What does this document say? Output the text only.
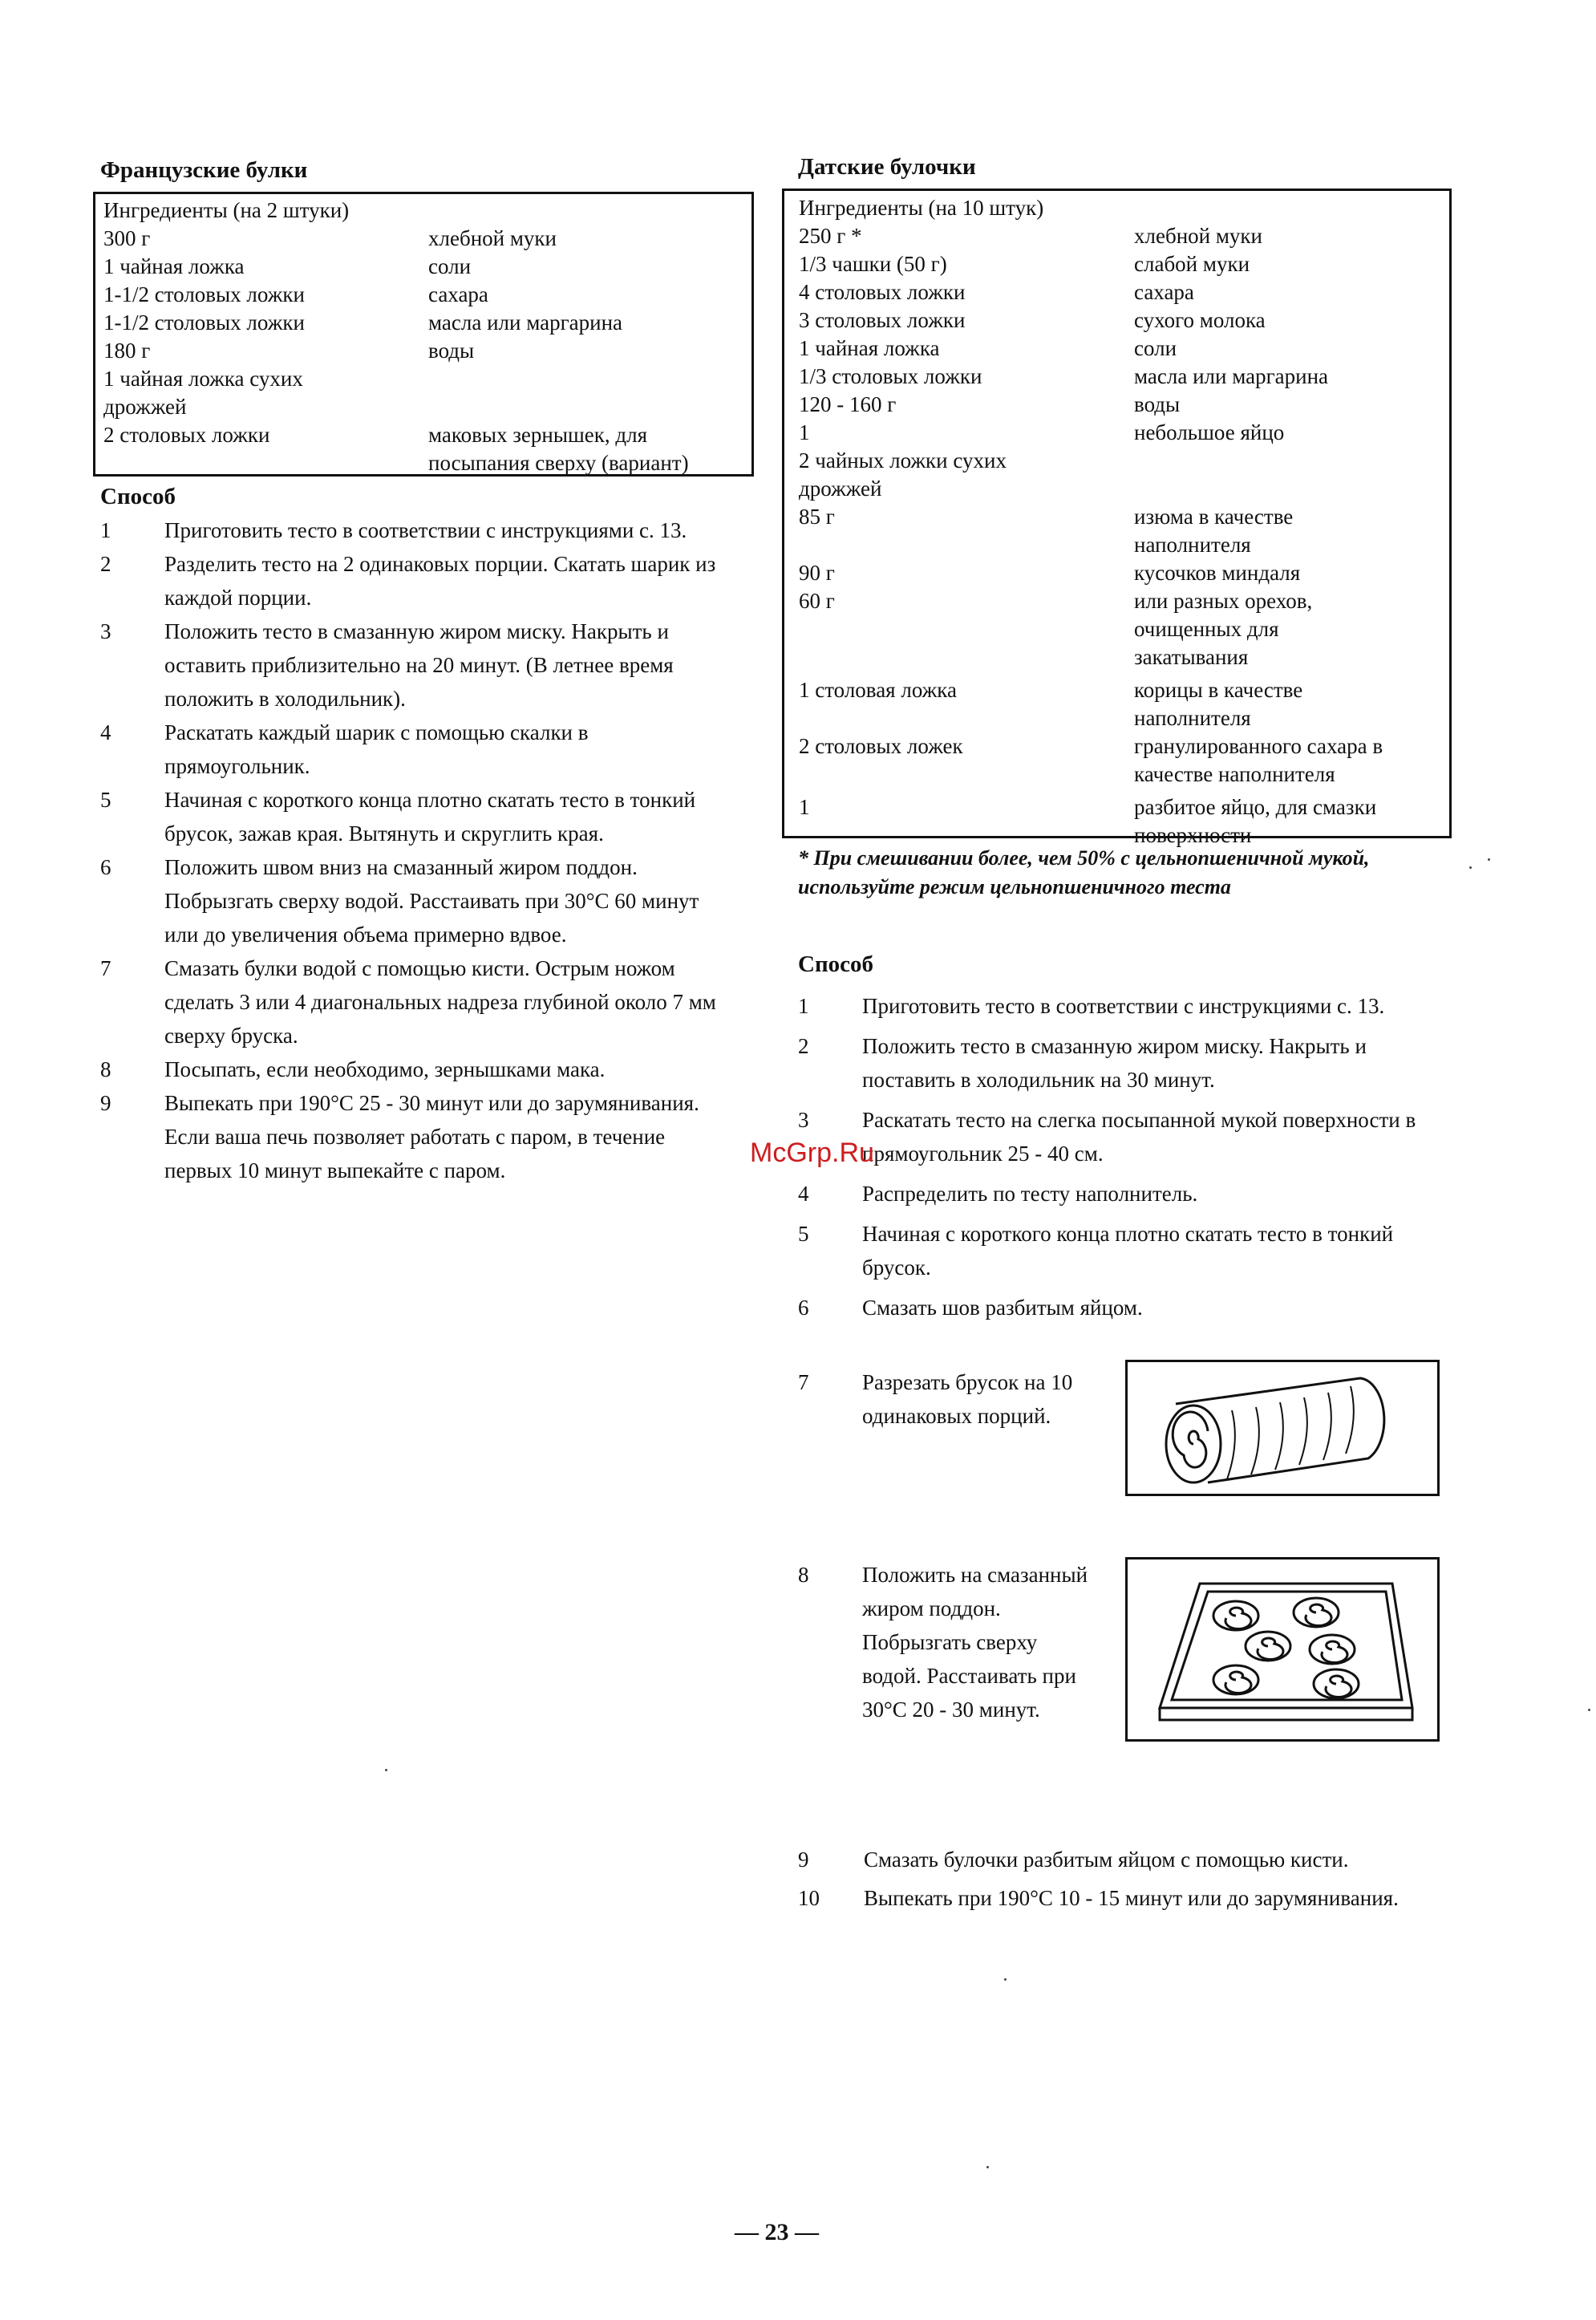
Французские булки
Ингредиенты (на 2 штуки)
300 г	хлебной муки
1 чайная ложка	соли
1-1/2 столовых ложки	сахара
1-1/2 столовых ложки	масла или маргарина
180 г	воды
1 чайная ложка сухих
дрожжей
2 столовых ложки	маковых зернышек, для
посыпания сверху (вариант)
Способ
1 Приготовить тесто в соответствии с инструкциями с. 13.
2 Разделить тесто на 2 одинаковых порции. Скатать шарик из каждой порции.
3 Положить тесто в смазанную жиром миску. Накрыть и оставить приблизительно на 20 минут. (В летнее время положить в холодильник).
4 Раскатать каждый шарик с помощью скалки в прямоугольник.
5 Начиная с короткого конца плотно скатать тесто в тонкий брусок, зажав края. Вытянуть и скруглить края.
6 Положить швом вниз на смазанный жиром поддон. Побрызгать сверху водой. Расстаивать при 30°С 60 минут или до увеличения объема примерно вдвое.
7 Смазать булки водой с помощью кисти. Острым ножом сделать 3 или 4 диагональных надреза глубиной около 7 мм сверху бруска.
8 Посыпать, если необходимо, зернышками мака.
9 Выпекать при 190°С 25 - 30 минут или до зарумянивания. Если ваша печь позволяет работать с паром, в течение первых 10 минут выпекайте с паром.
Датские булочки
Ингредиенты (на 10 штук)
250 г *	хлебной муки
1/3 чашки (50 г)	слабой муки
4 столовых ложки	сахара
3 столовых ложки	сухого молока
1 чайная ложка	соли
1/3 столовых ложки	масла или маргарина
120 - 160 г	воды
1	небольшое яйцо
2 чайных ложки сухих
дрожжей
85 г	изюма в качестве
наполнителя
90 г	кусочков миндаля
60 г	или разных орехов,
очищенных для
закатывания
1 столовая ложка	корицы в качестве
наполнителя
2 столовых ложек	гранулированного сахара в
качестве наполнителя
1	разбитое яйцо, для смазки
поверхности
* При смешивании более, чем 50% с цельнопшеничной мукой, используйте режим цельнопшеничного теста
Способ
1 Приготовить тесто в соответствии с инструкциями с. 13.
2 Положить тесто в смазанную жиром миску. Накрыть и поставить в холодильник на 30 минут.
3 Раскатать тесто на слегка посыпанной мукой поверхности в прямоугольник 25 - 40 см.
4 Распределить по тесту наполнитель.
5 Начиная с короткого конца плотно скатать тесто в тонкий брусок.
6 Смазать шов разбитым яйцом.
7 Разрезать брусок на 10 одинаковых порций.
8 Положить на смазанный жиром поддон. Побрызгать сверху водой. Расстаивать при 30°С 20 - 30 минут.
9	Смазать булочки разбитым яйцом с помощью кисти.
10 Выпекать при 190°С 10 - 15 минут или до зарумянивания.
McGrp.Ru
— 23 —
